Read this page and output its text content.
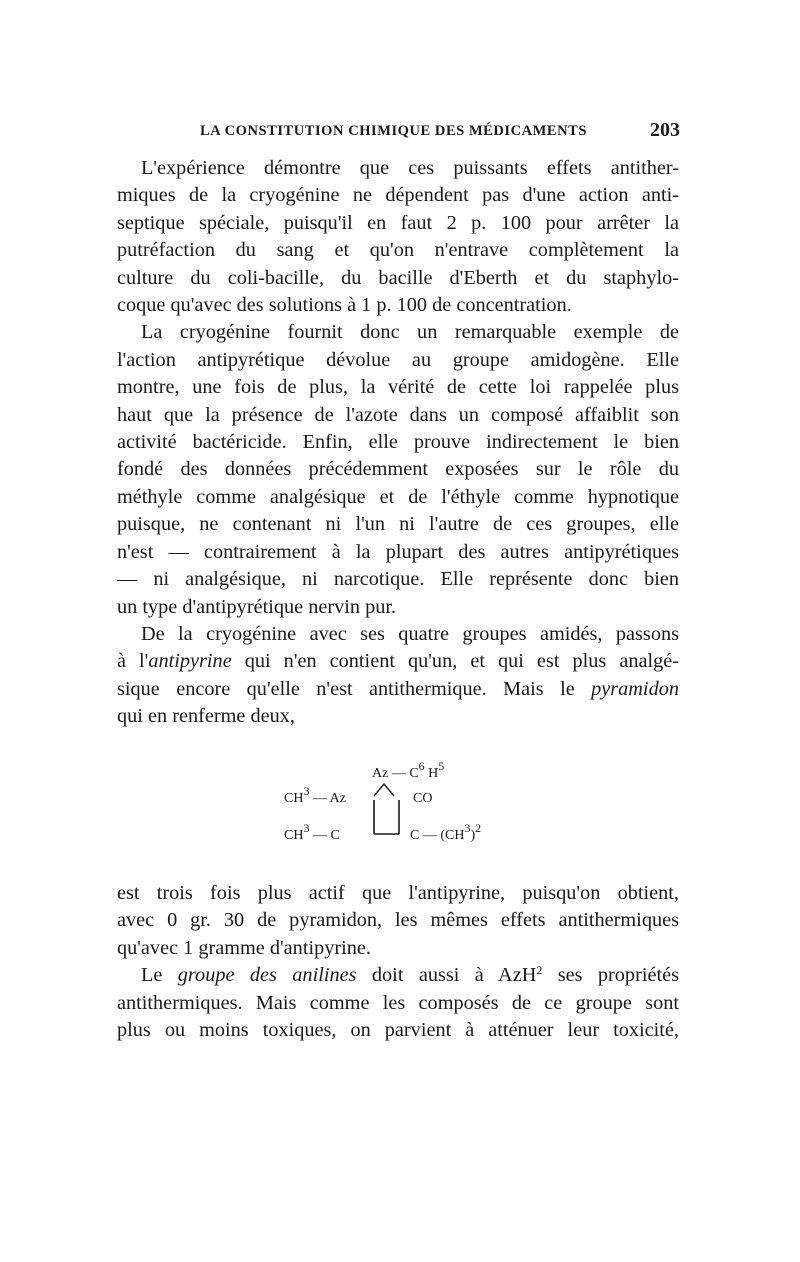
LA CONSTITUTION CHIMIQUE DES MÉDICAMENTS	203

L'expérience démontre que ces puissants effets antither-

miques de la cryogénine ne dépendent pas d'une action anti-
septique spéciale, puisqu'il en faut 2 p. 100 pour arrêter la
putréfaction du sang et qu'on n'entrave complètement la
culture du coli-bacille, du bacille d'Eberth et du staphylo-
coque qu'avec des solutions à 1 p. 100 de concentration.

La cryogénine fournit donc un remarquable exemple de
l'action antipyrétique dévolue au groupe amidogène. Elle
montre, une fois de plus, la vérité de cette loi rappelée plus
haut que la présence de l'azote dans un composé affaiblit son
activité bactéricide. Enfin, elle prouve indirectement le bien
fondé des données précédemment exposées sur le rôle du
méthyle comme analgésique et de l'éthyle comme hypnotique
puisque, ne contenant ni l'un ni l'autre de ces groupes, elle
n'est — contrairement à la plupart des autres antipyrétiques
— ni analgésique, ni narcotique. Elle représente donc bien
un type d'antipyrétique nervin pur.

De la cryogénine avec ses quatre groupes amidés, passons
à l'antipyrine qui n'en contient qu'un, et qui est plus analgé-
sique encore qu'elle n'est antithermique. Mais le pyramidon
qui en renferme deux,

Az — $C^6$ $H^5$
$CH^3$ — Az	CO
$CH^3$ — C	C — $(CH^3)^2$

est trois fois plus actif que l'antipyrine, puisqu'on obtient,
avec 0 gr. 30 de pyramidon, les mêmes effets antithermiques
qu'avec 1 gramme d'antipyrine.

Le groupe des anilines doit aussi à AzH$^2$ ses propriétés
antithermiques. Mais comme les composés de ce groupe sont
plus ou moins toxiques, on parvient à atténuer leur toxicité,
